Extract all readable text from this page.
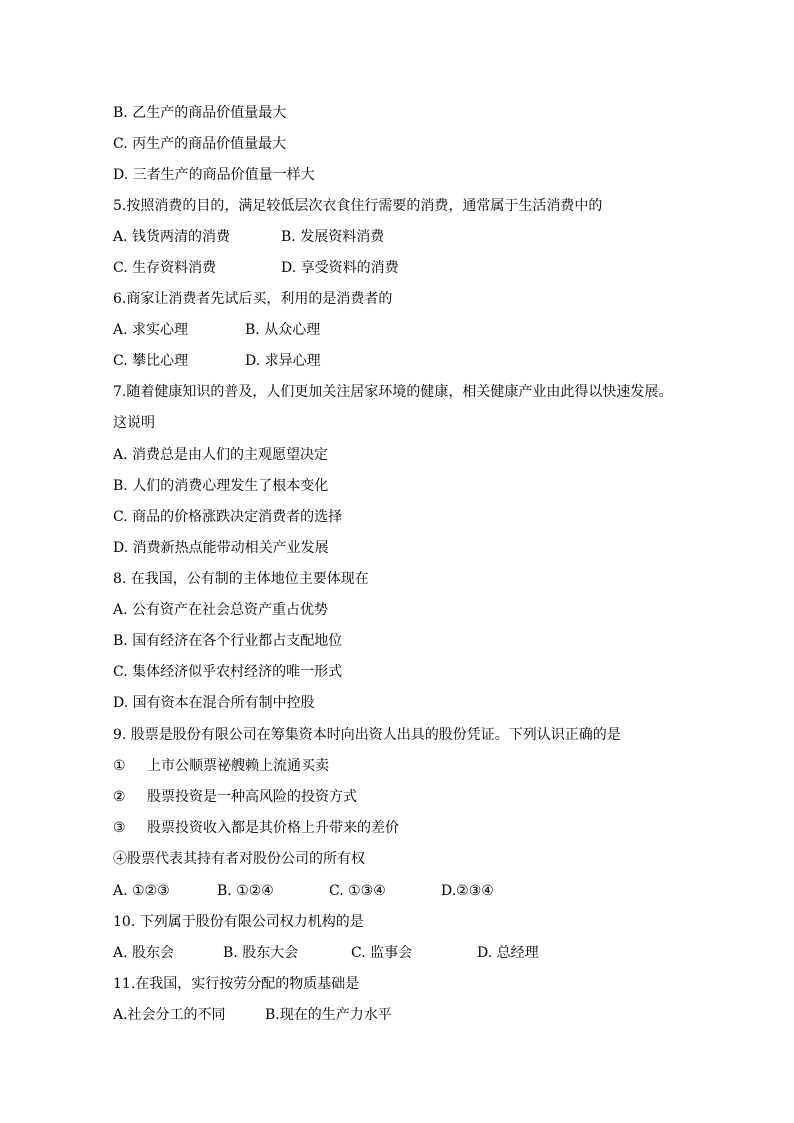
B. 乙生产的商品价值量最大
C. 丙生产的商品价值量最大
D. 三者生产的商品价值量一样大
5.按照消费的目的，满足较低层次衣食住行需要的消费，通常属于生活消费中的

A. 钱货两清的消费

	B. 发展资料消费

C. 生存资料消费

	D. 享受资料的消费

6.商家让消费者先试后买，利用的是消费者的

A. 求实心理

	B. 从众心理

C. 攀比心理

	D. 求异心理

7.随着健康知识的普及，人们更加关注居家环境的健康，相关健康产业由此得以快速发展。
这说明
A. 消费总是由人们的主观愿望决定
B. 人们的消费心理发生了根本变化
C. 商品的价格涨跌决定消费者的选择
D. 消费新热点能带动相关产业发展
8. 在我国，公有制的主体地位主要体现在
A. 公有资产在社会总资产重占优势
B. 国有经济在各个行业都占支配地位
C. 集体经济似乎农村经济的唯一形式
D. 国有资本在混合所有制中控股
9. 股票是股份有限公司在筹集资本时向出资人出具的股份凭证。下列认识正确的是

①

上市公顺票祕艘赖上流通买卖

②

股票投资是一种高风险的投资方式

③

股票投资收入都是其价格上升带来的差价

④股票代表其持有者对股份公司的所有权

A. ①②③

	B. ①②④

	C. ①③④

	D.②③④

10. 下列属于股份有限公司权力机构的是

A. 股东会

	B. 股东大会

	C. 监事会

	D. 总经理

11.在我国，实行按劳分配的物质基础是

A.社会分工的不同

	B.现在的生产力水平
